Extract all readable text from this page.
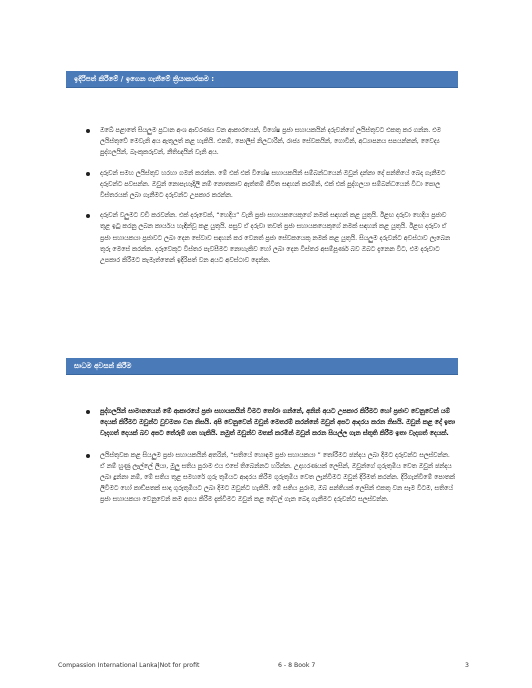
ඉදිරිපත් කිරීමේ / ඉගෙන ගැනීමේ ක්‍රියාකාරකම :
ඔබේ පළාතේ සියලුම ප්‍රධාන අංශ ආවරණය වන ආකාරයෙන්, විශේෂ ප්‍රජා සහායකයින් දරුවන්ගේ ලයිස්තුවට එකතු කර ගන්න. එම ලයිස්තුවේ මෙවැනි අය ඇතුලත් කළ හැකියි. එනම්, පොලිස් නිලධාරීන්, රාජ්‍ය සේවකයින්, ගොවීන්, අධ්‍යාපනය සපයන්නන්, වෛද්‍ය පුද්ගලයින්, බැංකුකරුවන්, නීතිඥයින් වැනි අය.
දරුවන් සමහ ලයිස්තුව හරහා ගමන් කරන්න. මේ එක් එක් විශේෂ සහායකයින් සම්බන්ධයෙන් ඔවුන් දන්නා දේ පන්තියේ බෙදා ගැනීමට දරුවන්ට පවසන්න. ඔවුන් නොපැහැදිලි නම් නොතකාව ඇත්තම් ජීවිත සඳහන් කරමින්, එක් එක් පුද්ගලයා සම්බන්ධයෙන් විධා පොල විස්තරයක් ලබා ගැනීමට දරුවන්ට උපකාර කරන්න.
දරුවන් වලුමට වඩි කරවන්න. එක් දරුවෙක්, “හෙදිය” වැනි ප්‍රජා සහායකයෙකුගේ නමක් සඳහන් කළ යුතුයි. ඊළඟ දරුවා හෙදිය ප්‍රජාව තුළ ඉටු කරනු ලබන කාර්යය හැඳින්වූ කළ යුතුයි. පසුව ඒ දරුවා තවත් ප්‍රජා සහායකයෙකුගේ නමක් සඳහන් කළ යුතුයි. ඊළඟ දරුවා ඒ ප්‍රජා සහායකයා ප්‍රජාවට ලබා දෙන සේවාව සඳහන් කර වෙනත් ප්‍රජා සේවකයෙකු නමක් කළ යුතුයි. සියලුම දරුවන්ට අවස්ථාව ලැබෙන තුරු මෙසේ කරන්න. දරුවෙකුට විස්තර පැවසීමට නොහැකිව හෝ ලබා දෙන විස්තර අසම්පූර්ණ බව ඔබට දැනෙන විට, එම දරුවාට උපකාර කිරීමට කැමැත්තෙන් ඉදිරිපත් වන අයට අවස්ථාව දෙන්න.
සාධම අවසන් කිරීම
පුද්ගලයින් සාමානයෙන් මේ ආකාරයේ ප්‍රජා සහායකයින් විමට තෝරා ගන්නේ, අනින් අයට උපකාර කිරීමට හෝ ප්‍රජාව වෙනුවෙන් යම් දෙයක් කිරීමට ඔවුන්ට වුවමනා වන නිසයි. අපි වෙනුවෙන් ඔවුන් මෙතරම් කරන්නේ ඔවුන් අපට ආදරය කරන නිසයි. ඔවුන් කළ දේ ඉතා වැදගත් දෙයක් බව අපට තේරුම් ගත හැකියි. නමුත් ඔවුන්ව මතක් කරමින් ඔවුන් කරන සියල්ල ගැන ස්තූති කිරීම ඉතා වැදගත් දෙයක්.
ලයිස්තුවක කළ සියලුම ප්‍රජා සහායකයින් අතරින්, “සතියේ හොඳම ප්‍රජා සහායකයා ” තෝරීමට ඡන්දය ලබා දීමට දරුවන්ට සලස්වන්න. ඒ නම් හුණු ලෑල්ලේ ලියා, මුලු සතිය පුරාම එය එසේ තිබෙන්නට හරින්න. උදාහරණයක් ලෙසින්, ඔවුන්ගේ ගුරුතුමිය වෙත ඔවුන් ඡන්දය ලබා දුන්නා නම්, මේ සතිය තුළ සමහරේ ගුරු තුමියට ආදරය කිරීම ගුරුතුමිය වෙත ලැන්වීමට ඔවුන් දිරිමත් කරන්න. දිරිගැන්වීමේ පොතක් ලිවීමට හෝ කාඩ්පතක් සාදා ගුරුතුමියට ලබා දීමට ඔවුන්ට හැකියි. මේ සතිය පුරාම, ඔබ පන්තියක් ලෙසින් එකතු වන සෑම විටම, සතියේ ප්‍රජා සහායකයා වෙනුවෙන් කම අගය කිරීම දැක්වීමට ඔවුන් කළ දේවල් ගැන බෙදා ගැනීමට දරුවන්ට සලස්වන්න.
Compassion International Lanka|Not for profit	6 - 8 Book 7	3
